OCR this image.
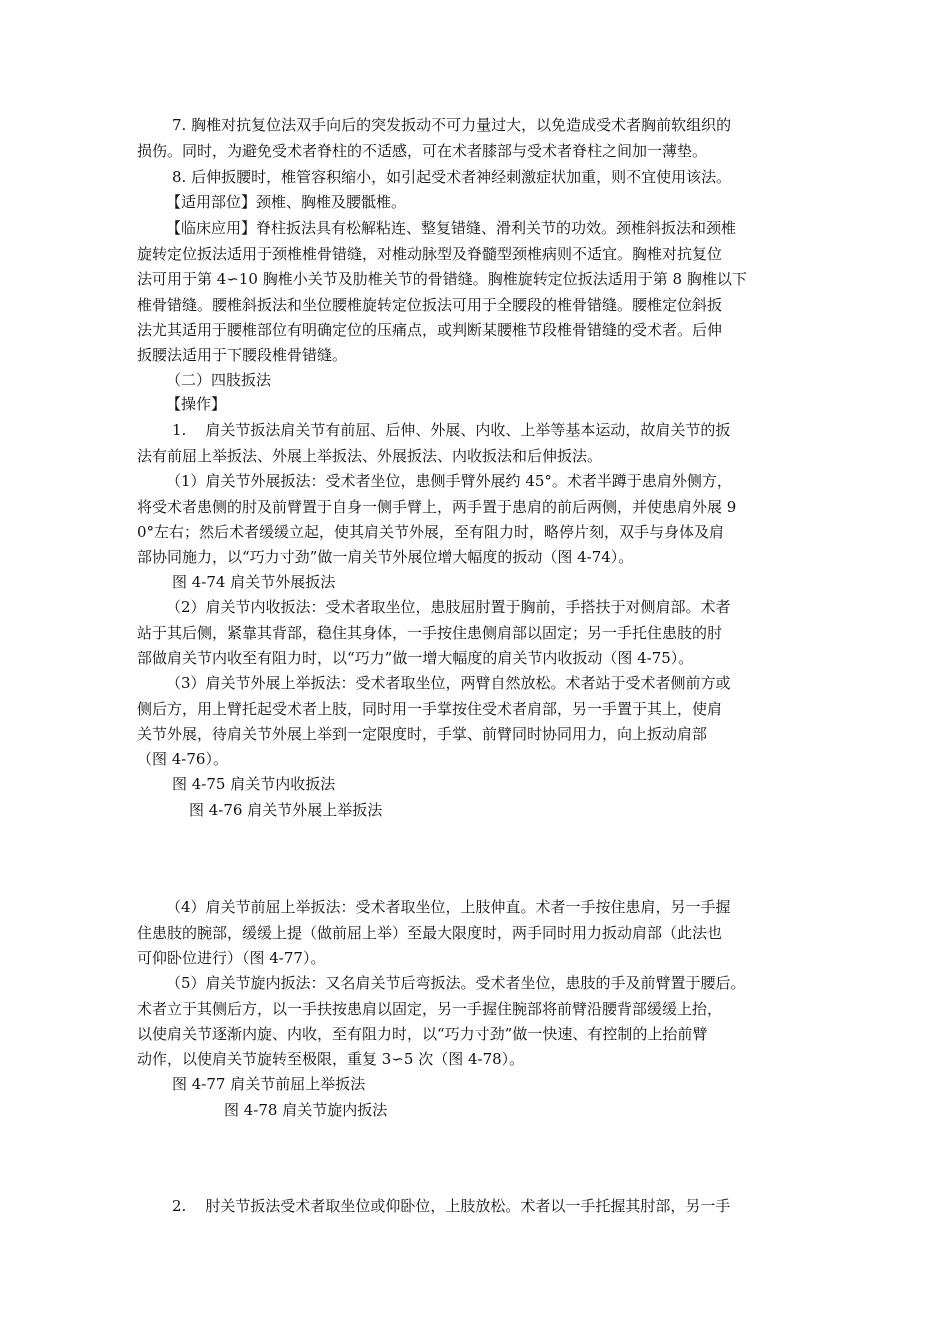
7. 胸椎对抗复位法双手向后的突发扳动不可力量过大，以免造成受术者胸前软组织的
损伤。同时，为避免受术者脊柱的不适感，可在术者膝部与受术者脊柱之间加一薄垫。
8. 后伸扳腰时，椎管容积缩小，如引起受术者神经刺激症状加重，则不宜使用该法。
【适用部位】颈椎、胸椎及腰骶椎。
【临床应用】脊柱扳法具有松解粘连、整复错缝、滑利关节的功效。颈椎斜扳法和颈椎
旋转定位扳法适用于颈椎椎骨错缝，对椎动脉型及脊髓型颈椎病则不适宜。胸椎对抗复位
法可用于第 4∽10 胸椎小关节及肋椎关节的骨错缝。胸椎旋转定位扳法适用于第 8 胸椎以下
椎骨错缝。腰椎斜扳法和坐位腰椎旋转定位扳法可用于全腰段的椎骨错缝。腰椎定位斜扳
法尤其适用于腰椎部位有明确定位的压痛点，或判断某腰椎节段椎骨错缝的受术者。后伸
扳腰法适用于下腰段椎骨错缝。
（二）四肢扳法
【操作】
1.    肩关节扳法肩关节有前屈、后伸、外展、内收、上举等基本运动，故肩关节的扳
法有前屈上举扳法、外展上举扳法、外展扳法、内收扳法和后伸扳法。
（1）肩关节外展扳法：受术者坐位，患侧手臂外展约 45°。术者半蹲于患肩外侧方，
将受术者患侧的肘及前臂置于自身一侧手臂上，两手置于患肩的前后两侧，并使患肩外展 9
0°左右；然后术者缓缓立起，使其肩关节外展，至有阻力时，略停片刻，双手与身体及肩
部协同施力，以“巧力寸劲”做一肩关节外展位增大幅度的扳动（图 4-74）。
图 4-74 肩关节外展扳法
（2）肩关节内收扳法：受术者取坐位，患肢屈肘置于胸前，手搭扶于对侧肩部。术者
站于其后侧，紧靠其背部，稳住其身体，一手按住患侧肩部以固定；另一手托住患肢的肘
部做肩关节内收至有阻力时，以“巧力”做一增大幅度的肩关节内收扳动（图 4-75）。
（3）肩关节外展上举扳法：受术者取坐位，两臂自然放松。术者站于受术者侧前方或
侧后方，用上臂托起受术者上肢，同时用一手掌按住受术者肩部，另一手置于其上，使肩
关节外展，待肩关节外展上举到一定限度时，手掌、前臂同时协同用力，向上扳动肩部
（图 4-76）。
图 4-75 肩关节内收扳法
图 4-76 肩关节外展上举扳法
（4）肩关节前屈上举扳法：受术者取坐位，上肢伸直。术者一手按住患肩，另一手握
住患肢的腕部，缓缓上提（做前屈上举）至最大限度时，两手同时用力扳动肩部（此法也
可仰卧位进行）（图 4-77）。
（5）肩关节旋内扳法：又名肩关节后弯扳法。受术者坐位，患肢的手及前臂置于腰后。
术者立于其侧后方，以一手扶按患肩以固定，另一手握住腕部将前臂沿腰背部缓缓上抬，
以使肩关节逐渐内旋、内收，至有阻力时，以“巧力寸劲”做一快速、有控制的上抬前臂
动作，以使肩关节旋转至极限，重复 3∽5 次（图 4-78）。
图 4-77 肩关节前屈上举扳法
图 4-78 肩关节旋内扳法
2.    肘关节扳法受术者取坐位或仰卧位，上肢放松。术者以一手托握其肘部，另一手
